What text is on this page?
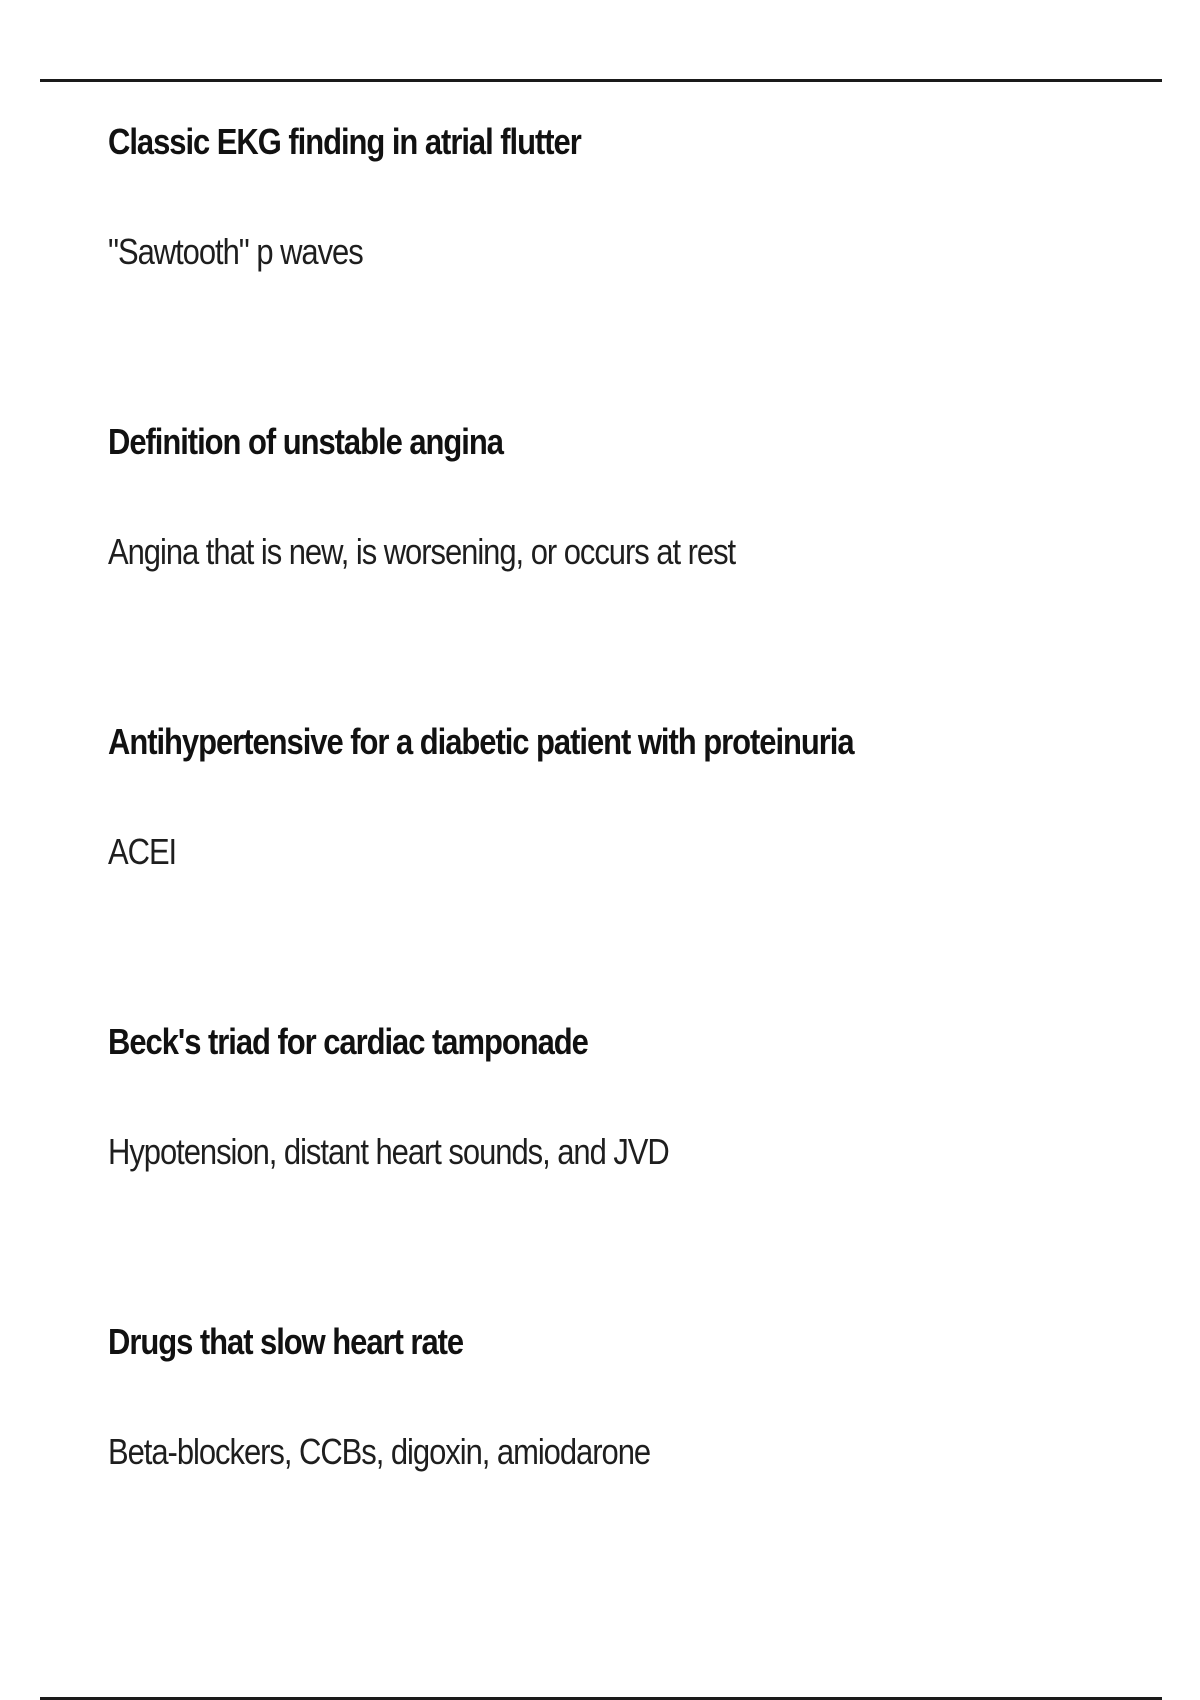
Classic EKG finding in atrial flutter
"Sawtooth" p waves
Definition of unstable angina
Angina that is new, is worsening, or occurs at rest
Antihypertensive for a diabetic patient with proteinuria
ACEI
Beck's triad for cardiac tamponade
Hypotension, distant heart sounds, and JVD
Drugs that slow heart rate
Beta-blockers, CCBs, digoxin, amiodarone
